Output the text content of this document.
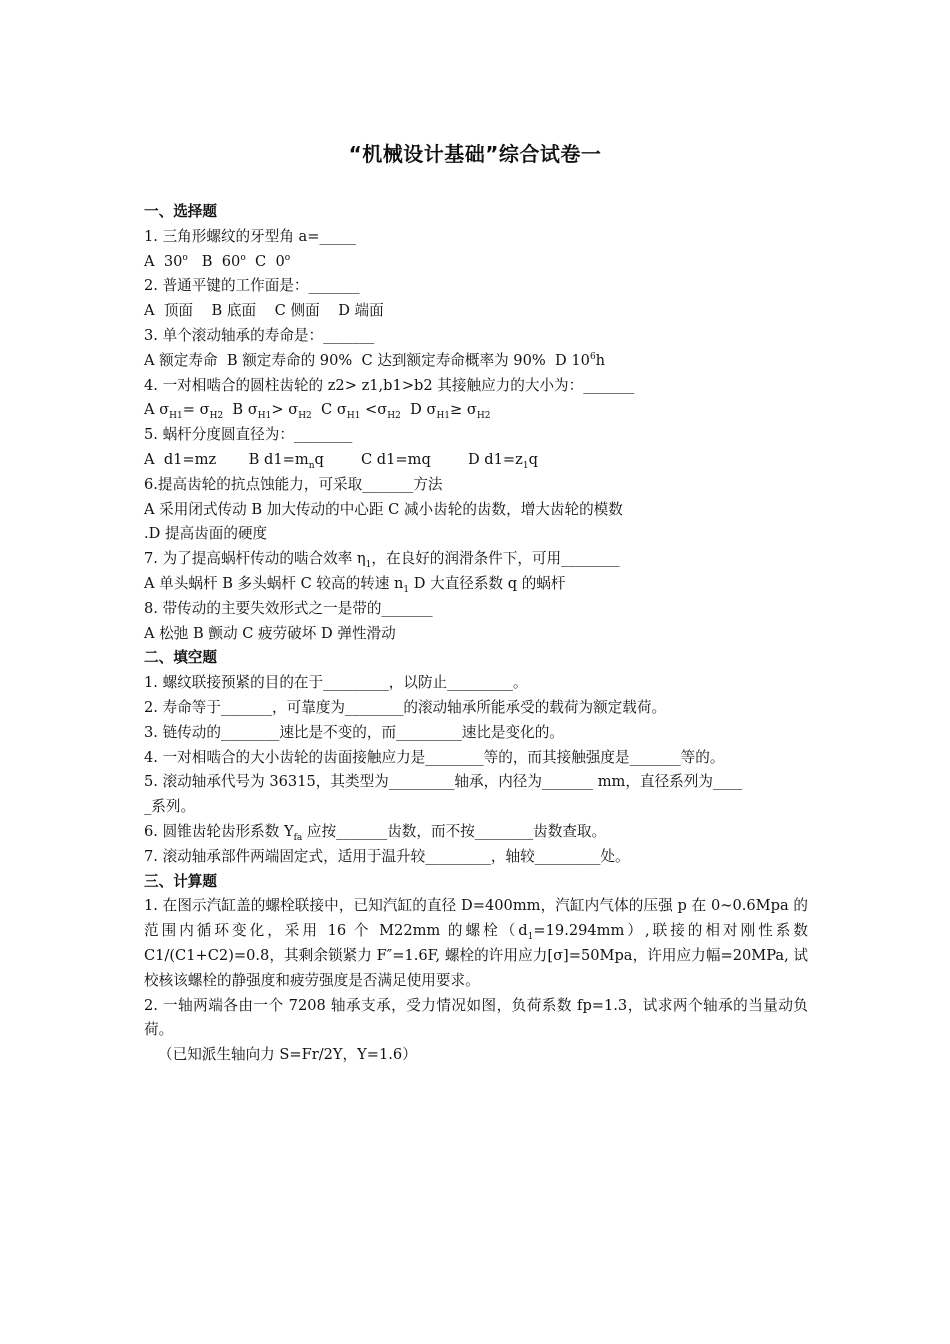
“机械设计基础”综合试卷一
一、选择题
1. 三角形螺纹的牙型角 a=_____
A  30$^o$   B  60$^o$  C  0$^o$
2. 普通平键的工作面是：_______
A  顶面    B 底面    C 侧面    D 端面
3. 单个滚动轴承的寿命是：_______
A 额定寿命  B 额定寿命的 90%  C 达到额定寿命概率为 90%  D $10^6h$
4. 一对相啮合的圆柱齿轮的 z2> z1,b1>b2 其接触应力的大小为：_______
A $\sigma_{H1}= \sigma_{H2}$  B $\sigma_{H1}> \sigma_{H2}$  C $\sigma_{H1} <\sigma_{H2}$  D $\sigma_{H1}\ge \sigma_{H2}$
5. 蜗杆分度圆直径为：________
A  d1=mz       B $d1=m_nq$        C d1=mq        D $d1=z_1q$
6.提高齿轮的抗点蚀能力，可采取_______方法
A 采用闭式传动 B 加大传动的中心距 C 减小齿轮的齿数，增大齿轮的模数
.D 提高齿面的硬度
7. 为了提高蜗杆传动的啮合效率 $\eta_1$，在良好的润滑条件下，可用________
A 单头蜗杆 B 多头蜗杆 C 较高的转速 $n_1$ D 大直径系数 q 的蜗杆
8. 带传动的主要失效形式之一是带的_______
A 松弛 B 颤动 C 疲劳破坏 D 弹性滑动
二、填空题
1. 螺纹联接预紧的目的在于_________，以防止_________。
2. 寿命等于_______，可靠度为________的滚动轴承所能承受的载荷为额定载荷。
3. 链传动的________速比是不变的，而_________速比是变化的。
4. 一对相啮合的大小齿轮的齿面接触应力是________等的，而其接触强度是_______等的。
5. 滚动轴承代号为 36315，其类型为_________轴承，内径为_______ mm，直径系列为____
_系列。
6. 圆锥齿轮齿形系数 $Y_{fa}$ 应按_______齿数，而不按________齿数查取。
7. 滚动轴承部件两端固定式，适用于温升较_________，轴较_________处。
三、计算题
1. 在图示汽缸盖的螺栓联接中，已知汽缸的直径 D=400mm，汽缸内气体的压强 p 在 0~0.6Mpa 的范围内循环变化，采用 16 个 M22mm 的螺栓$(d_1=19.294mm)$,联接的相对刚性系数 C1/(C1+C2)=0.8，其剩余锁紧力 F″=1.6F, 螺栓的许用应力[σ]=50Mpa，许用应力幅=20MPa, 试校核该螺栓的静强度和疲劳强度是否满足使用要求。
2. 一轴两端各由一个 7208 轴承支承，受力情况如图，负荷系数 fp=1.3，试求两个轴承的当量动负荷。
（已知派生轴向力 S=Fr/2Y，Y=1.6）
